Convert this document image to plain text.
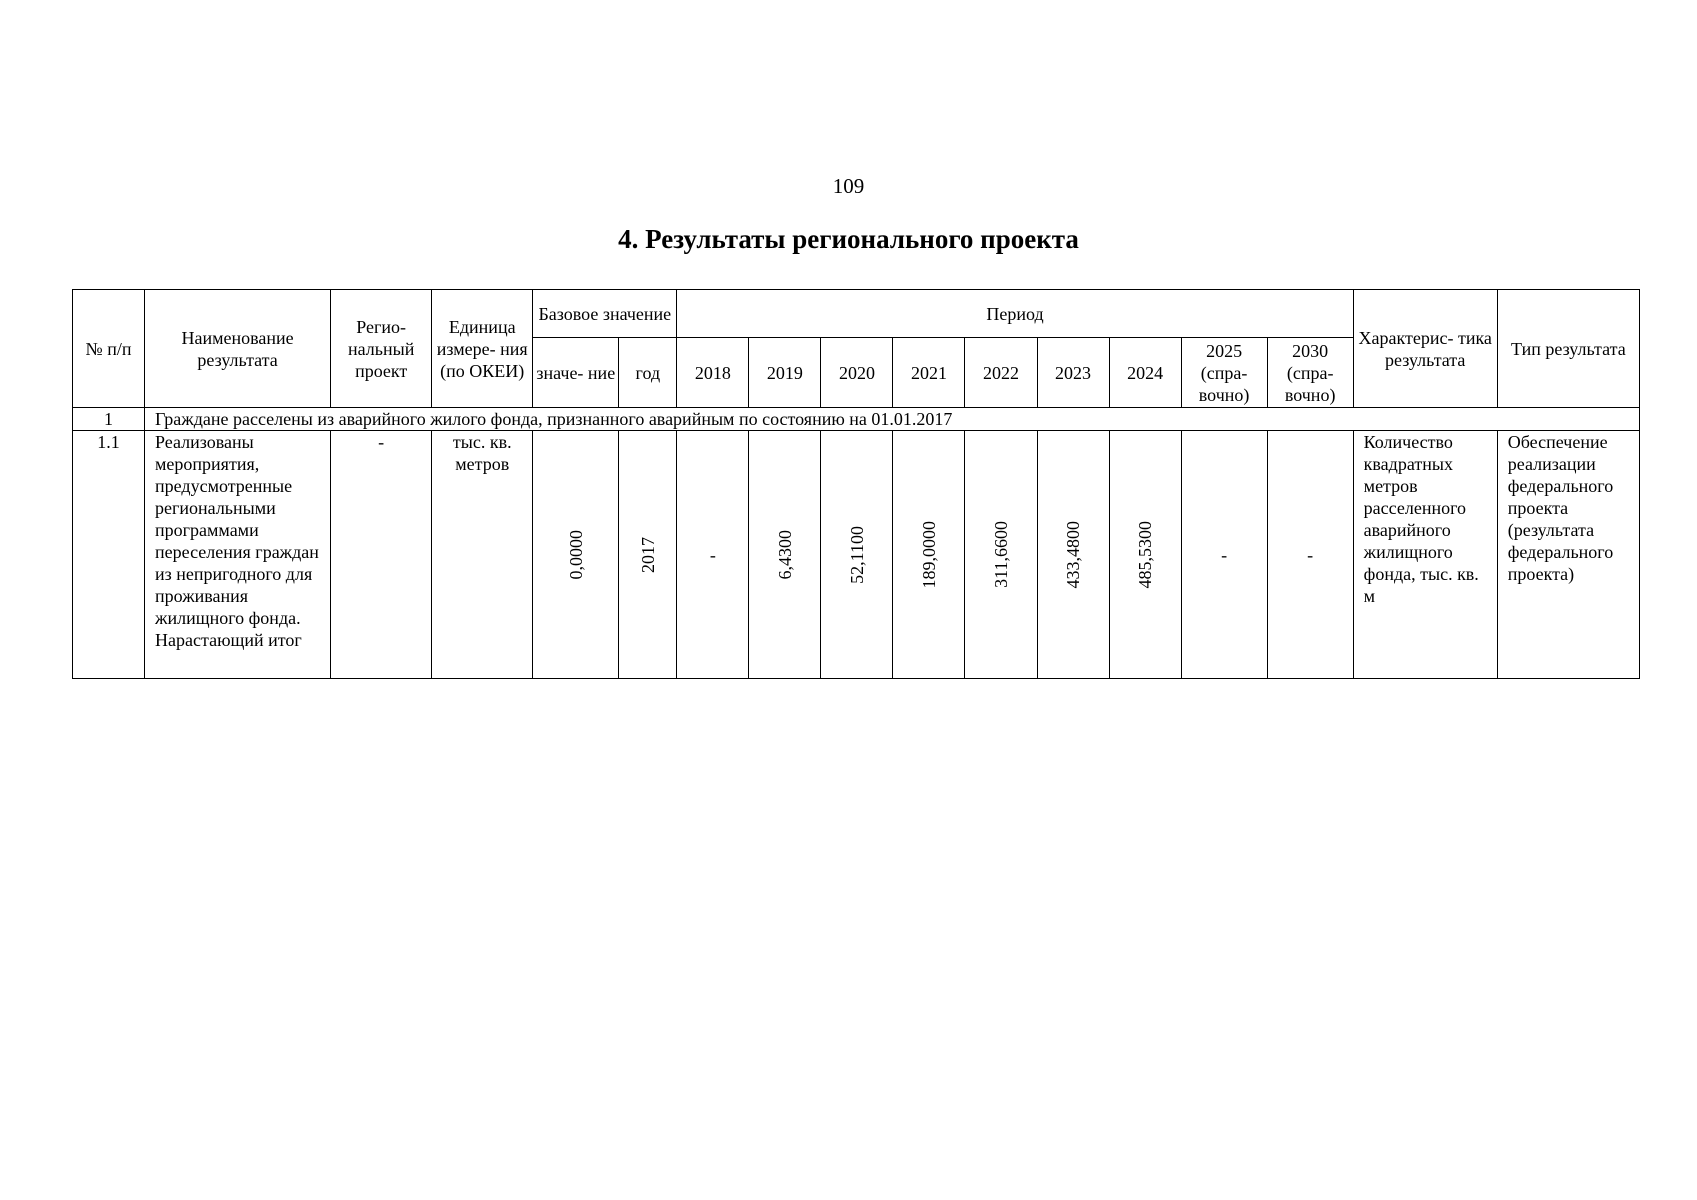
109
4. Результаты регионального проекта
№ п/п	Наименование результата	Регио- нальный проект	Единица измере- ния (по ОКЕИ)	Базовое значение		Период									Характерис- тика результата	Тип результата
				значе- ние	год	2018	2019	2020	2021	2022	2023	2024	2025 (спра- вочно)	2030 (спра- вочно)		
1	Граждане расселены из аварийного жилого фонда, признанного аварийным по состоянию на 01.01.2017															
1.1	Реализованы мероприятия, предусмотренные региональными программами переселения граждан из непригодного для проживания жилищного фонда. Нарастающий итог	-	тыс. кв. метров	0,0000	2017	-	6,4300	52,1100	189,0000	311,6600	433,4800	485,5300	-	-	Количество квадратных метров расселенного аварийного жилищного фонда, тыс. кв. м	Обеспечение реализации федерального проекта (результата федерального проекта)
